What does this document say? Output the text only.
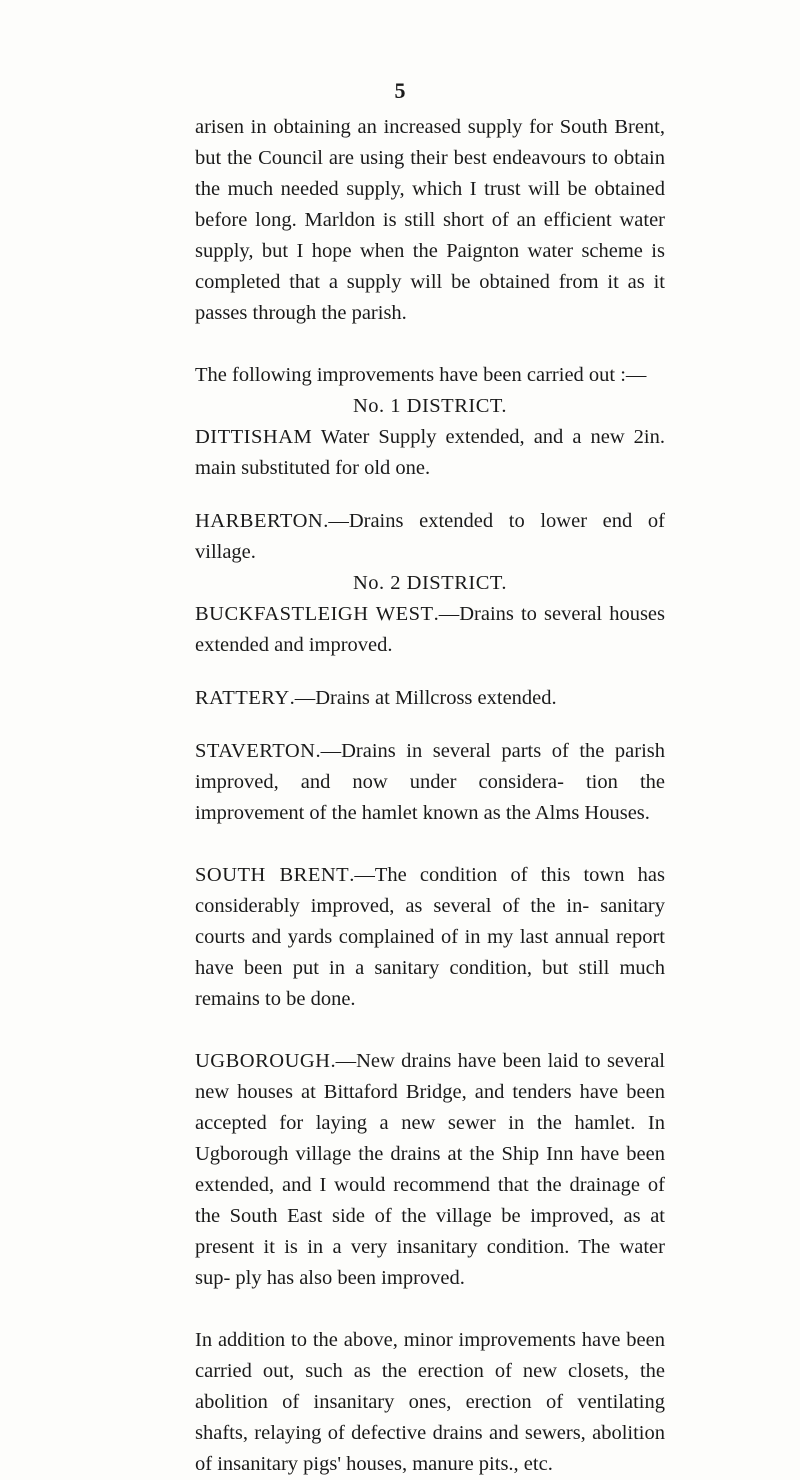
5

arisen in obtaining an increased supply for South Brent, but the Council are using their best endeavours to obtain the much needed supply, which I trust will be obtained before long. Marldon is still short of an efficient water supply, but I hope when the Paignton water scheme is completed that a supply will be obtained from it as it passes through the parish.

The following improvements have been carried out :—

No. 1 DISTRICT.

DITTISHAM Water Supply extended, and a new 2in. main substituted for old one.

HARBERTON.—Drains extended to lower end of village.

No. 2 DISTRICT.

BUCKFASTLEIGH WEST.—Drains to several houses extended and improved.

RATTERY.—Drains at Millcross extended.

STAVERTON.—Drains in several parts of the parish improved, and now under considera- tion the improvement of the hamlet known as the Alms Houses.

SOUTH BRENT.—The condition of this town has considerably improved, as several of the in- sanitary courts and yards complained of in my last annual report have been put in a sanitary condition, but still much remains to be done.

UGBOROUGH.—New drains have been laid to several new houses at Bittaford Bridge, and tenders have been accepted for laying a new sewer in the hamlet. In Ugborough village the drains at the Ship Inn have been extended, and I would recommend that the drainage of the South East side of the village be improved, as at present it is in a very insanitary condition. The water sup- ply has also been improved.

In addition to the above, minor improvements have been carried out, such as the erection of new closets, the abolition of insanitary ones, erection of ventilating shafts, relaying of defective drains and sewers, abolition of insanitary pigs' houses, manure pits., etc.
